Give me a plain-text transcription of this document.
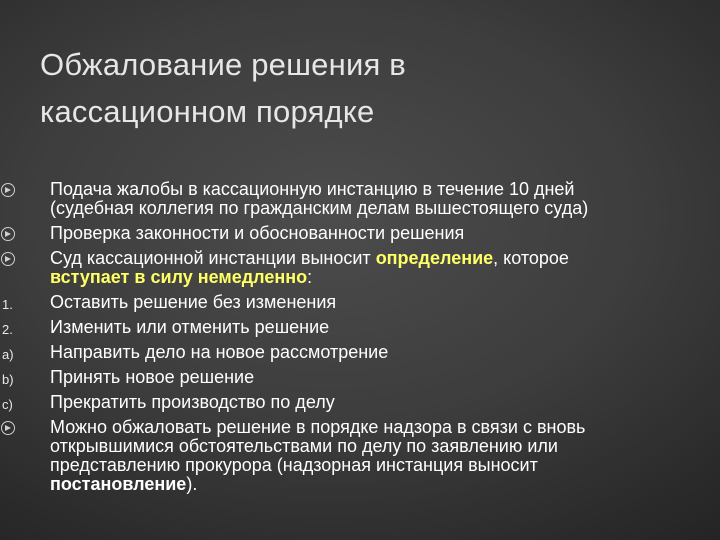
Обжалование решения в
кассационном порядке
Подача жалобы в кассационную инстанцию в течение 10 дней
(судебная коллегия по гражданским делам вышестоящего суда)
Проверка законности и обоснованности решения
Суд кассационной инстанции выносит определение, которое
вступает в силу немедленно:
1.	Оставить решение без изменения
2.	Изменить или отменить решение
a)	Направить дело на новое рассмотрение
b)	Принять новое решение
c)	Прекратить производство по делу
Можно обжаловать решение в порядке надзора в связи с вновь
открывшимися обстоятельствами по делу по заявлению или
представлению прокурора (надзорная инстанция выносит
постановление).
